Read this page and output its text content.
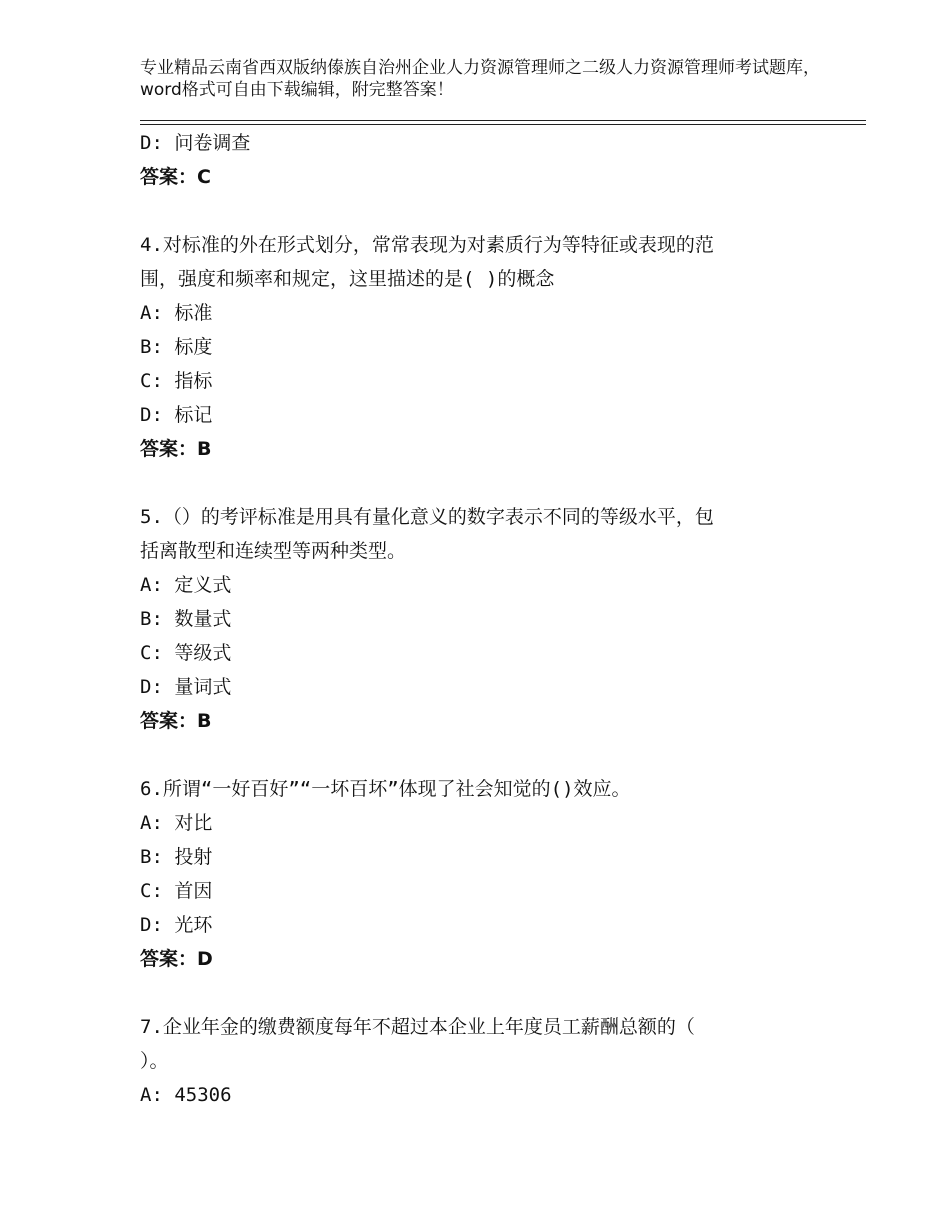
专业精品云南省西双版纳傣族自治州企业人力资源管理师之二级人力资源管理师考试题库，word格式可自由下载编辑，附完整答案！
D: 问卷调查
答案：C
4.对标准的外在形式划分，常常表现为对素质行为等特征或表现的范
围，强度和频率和规定，这里描述的是( )的概念
A: 标准
B: 标度
C: 指标
D: 标记
答案：B
5.（）的考评标准是用具有量化意义的数字表示不同的等级水平，包
括离散型和连续型等两种类型。
A: 定义式
B: 数量式
C: 等级式
D: 量词式
答案：B
6.所谓“一好百好”“一坏百坏”体现了社会知觉的()效应。
A: 对比
B: 投射
C: 首因
D: 光环
答案：D
7.企业年金的缴费额度每年不超过本企业上年度员工薪酬总额的（
）。
A: 45306
